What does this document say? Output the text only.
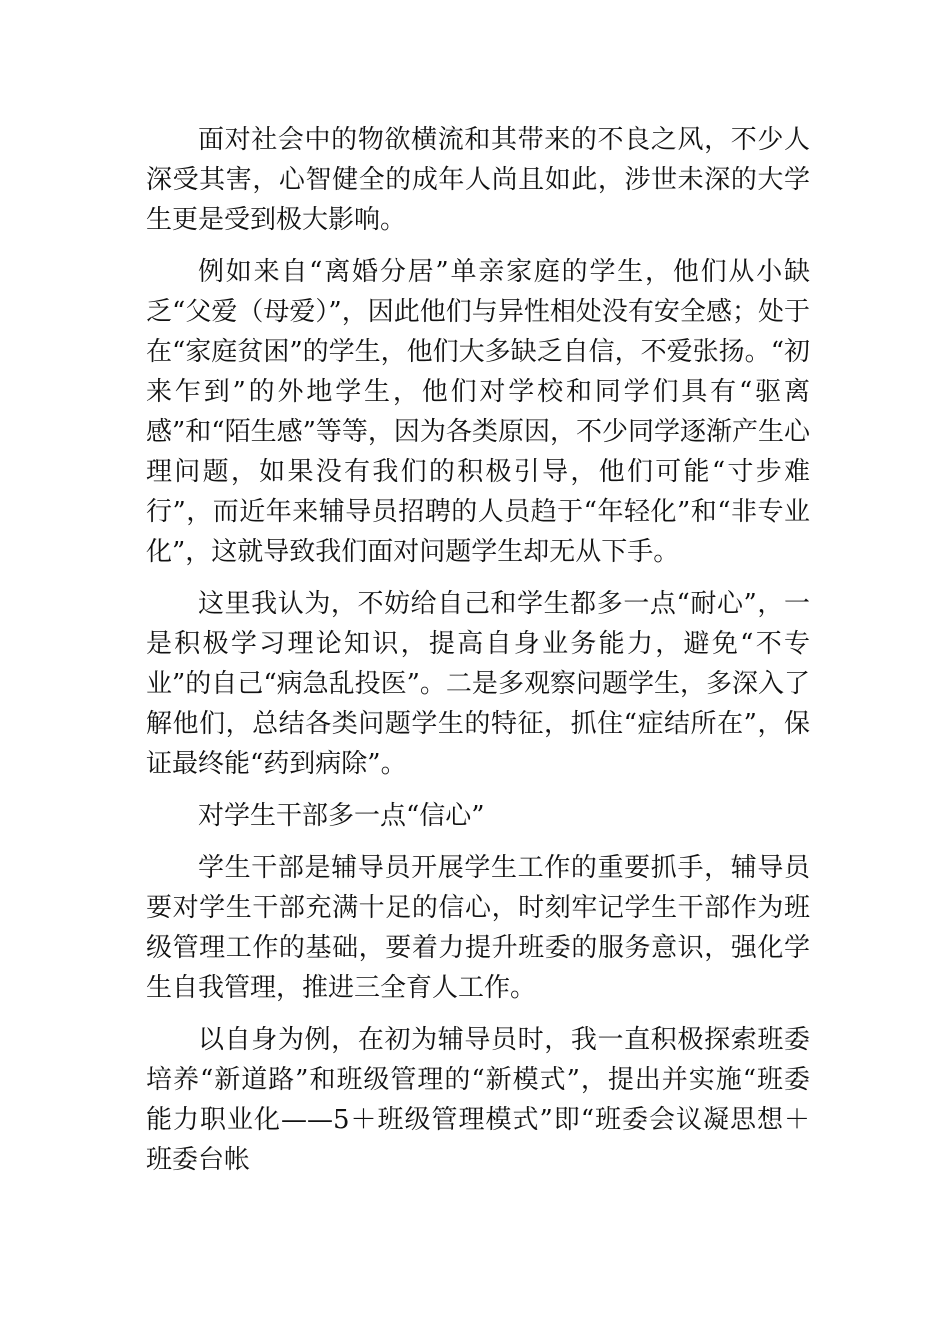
面对社会中的物欲横流和其带来的不良之风，不少人深受其害，心智健全的成年人尚且如此，涉世未深的大学生更是受到极大影响。

例如来自“离婚分居”单亲家庭的学生，他们从小缺乏“父爱（母爱）”，因此他们与异性相处没有安全感；处于在“家庭贫困”的学生，他们大多缺乏自信，不爱张扬。“初来乍到”的外地学生，他们对学校和同学们具有“驱离感”和“陌生感”等等，因为各类原因，不少同学逐渐产生心理问题，如果没有我们的积极引导，他们可能“寸步难行”，而近年来辅导员招聘的人员趋于“年轻化”和“非专业化”，这就导致我们面对问题学生却无从下手。

这里我认为，不妨给自己和学生都多一点“耐心”，一是积极学习理论知识，提高自身业务能力，避免“不专业”的自己“病急乱投医”。二是多观察问题学生，多深入了解他们，总结各类问题学生的特征，抓住“症结所在”，保证最终能“药到病除”。

对学生干部多一点“信心”

学生干部是辅导员开展学生工作的重要抓手，辅导员要对学生干部充满十足的信心，时刻牢记学生干部作为班级管理工作的基础，要着力提升班委的服务意识，强化学生自我管理，推进三全育人工作。

以自身为例，在初为辅导员时，我一直积极探索班委培养“新道路”和班级管理的“新模式”，提出并实施“班委能力职业化——5＋班级管理模式”即“班委会议凝思想＋班委台帐
